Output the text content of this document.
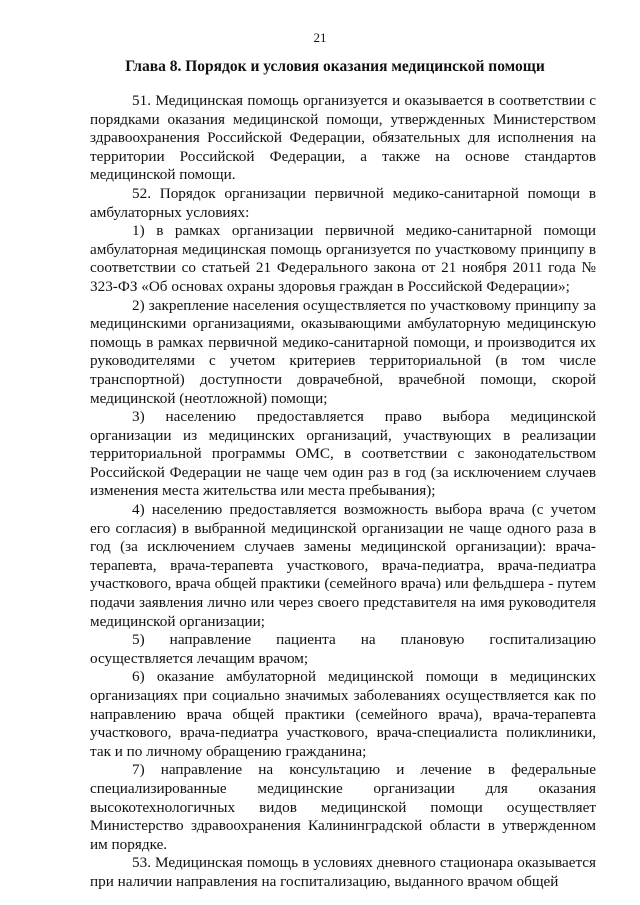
21
Глава 8. Порядок и условия оказания медицинской помощи

51. Медицинская помощь организуется и оказывается в соответствии с порядками оказания медицинской помощи, утвержденных Министерством здравоохранения Российской Федерации, обязательных для исполнения на территории Российской Федерации, а также на основе стандартов медицинской помощи.

52. Порядок организации первичной медико-санитарной помощи в амбулаторных условиях:

1) в рамках организации первичной медико-санитарной помощи амбулаторная медицинская помощь организуется по участковому принципу в соответствии со статьей 21 Федерального закона от 21 ноября 2011 года № 323-ФЗ «Об основах охраны здоровья граждан в Российской Федерации»;

2) закрепление населения осуществляется по участковому принципу за медицинскими организациями, оказывающими амбулаторную медицинскую помощь в рамках первичной медико-санитарной помощи, и производится их руководителями с учетом критериев территориальной (в том числе транспортной) доступности доврачебной, врачебной помощи, скорой медицинской (неотложной) помощи;

3) населению предоставляется право выбора медицинской организации из медицинских организаций, участвующих в реализации территориальной программы ОМС, в соответствии с законодательством Российской Федерации не чаще чем один раз в год (за исключением случаев изменения места жительства или места пребывания);

4) населению предоставляется возможность выбора врача (с учетом его согласия) в выбранной медицинской организации не чаще одного раза в год (за исключением случаев замены медицинской организации): врача-терапевта, врача-терапевта участкового, врача-педиатра, врача-педиатра участкового, врача общей практики (семейного врача) или фельдшера - путем подачи заявления лично или через своего представителя на имя руководителя медицинской организации;

5) направление пациента на плановую госпитализацию осуществляется лечащим врачом;

6) оказание амбулаторной медицинской помощи в медицинских организациях при социально значимых заболеваниях осуществляется как по направлению врача общей практики (семейного врача), врача-терапевта участкового, врача-педиатра участкового, врача-специалиста поликлиники, так и по личному обращению гражданина;

7) направление на консультацию и лечение в федеральные специализированные медицинские организации для оказания высокотехнологичных видов медицинской помощи осуществляет Министерство здравоохранения Калининградской области в утвержденном им порядке.

53. Медицинская помощь в условиях дневного стационара оказывается при наличии направления на госпитализацию, выданного врачом общей
